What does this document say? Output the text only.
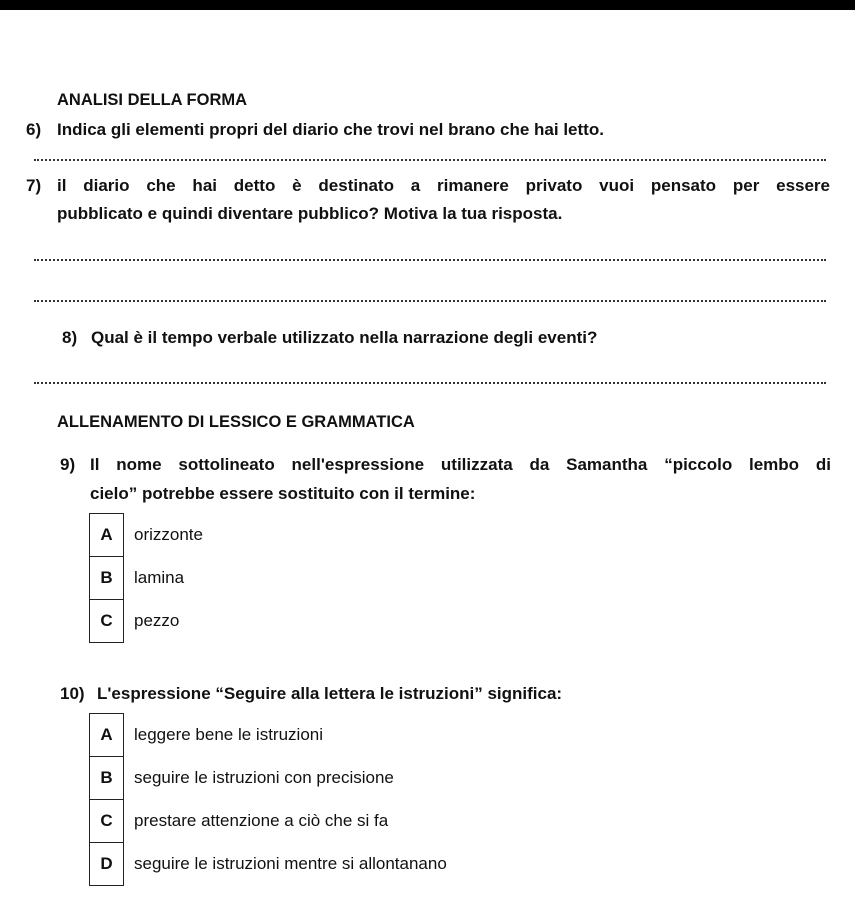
ANALISI DELLA FORMA
6) Indica gli elementi propri del diario che trovi nel brano che hai letto.
7) il diario che hai detto è destinato a rimanere privato vuoi pensato per essere
pubblicato e quindi diventare pubblico? Motiva la tua risposta.
8) Qual è il tempo verbale utilizzato nella narrazione degli eventi?
ALLENAMENTO DI LESSICO E GRAMMATICA
9) Il nome sottolineato nell'espressione utilizzata da Samantha “piccolo lembo di
cielo” potrebbe essere sostituito con il termine:
A	orizzonte
B	lamina
C	pezzo
10) L'espressione “Seguire alla lettera le istruzioni” significa:
A	leggere bene le istruzioni
B	seguire le istruzioni con precisione
C	prestare attenzione a ciò che si fa
D	seguire le istruzioni mentre si allontanano
